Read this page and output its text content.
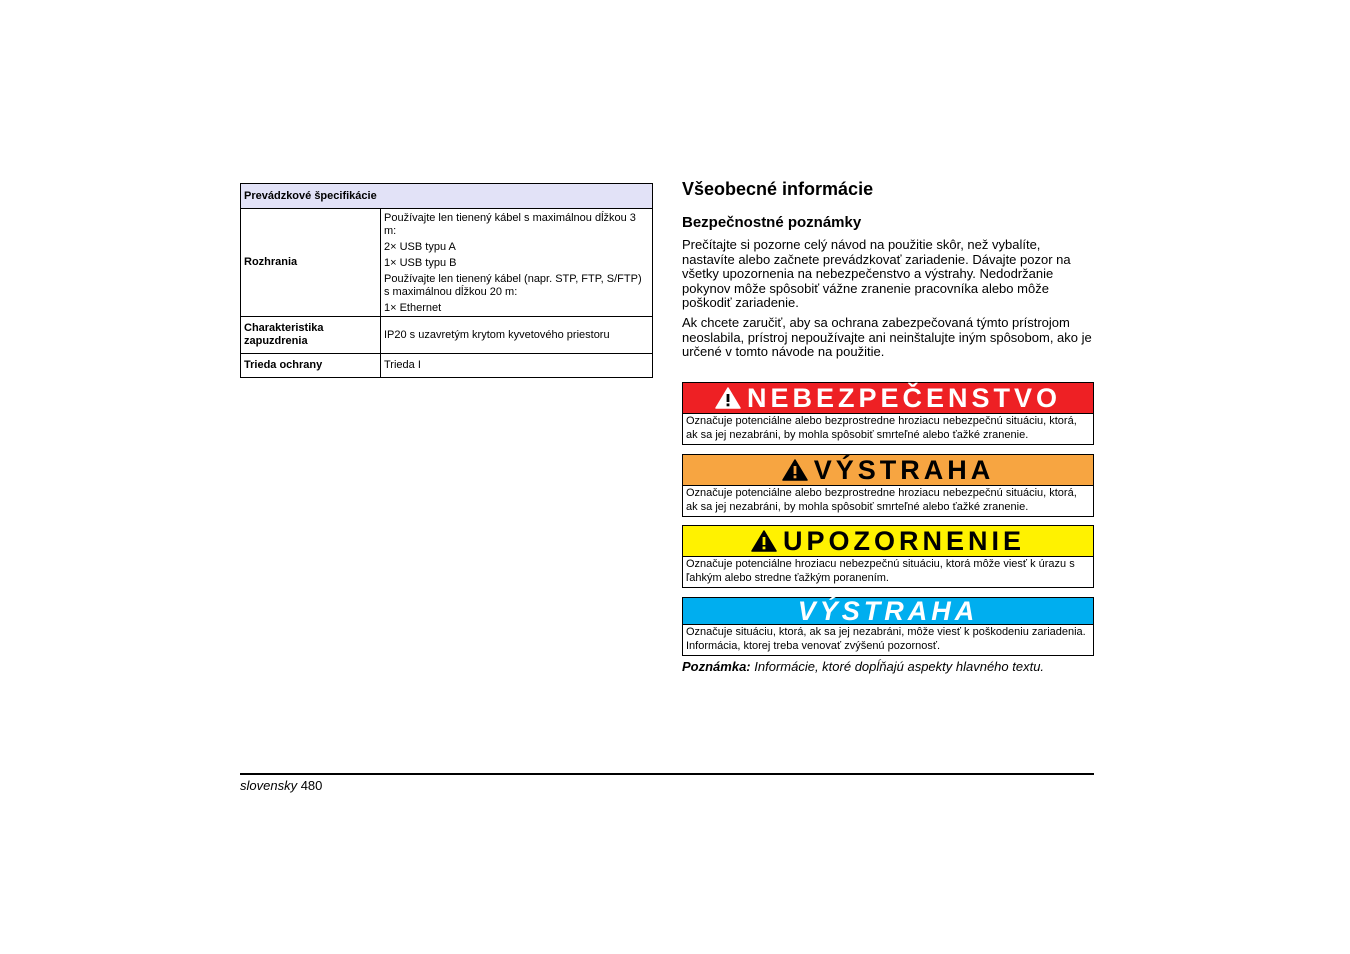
Prevádzkové špecifikácie	
Rozhrania	Používajte len tienený kábel s maximálnou dĺžkou 3 m:
2× USB typu A
1× USB typu B
Používajte len tienený kábel (napr. STP, FTP, S/FTP) s maximálnou dĺžkou 20 m:
1× Ethernet

Charakteristika zapuzdrenia	IP20 s uzavretým krytom kyvetového priestoru
Trieda ochrany	Trieda I
Všeobecné informácie
Bezpečnostné poznámky

Prečítajte si pozorne celý návod na použitie skôr, než vybalíte, nastavíte alebo začnete prevádzkovať zariadenie. Dávajte pozor na všetky upozornenia na nebezpečenstvo a výstrahy. Nedodržanie pokynov môže spôsobiť vážne zranenie pracovníka alebo môže poškodiť zariadenie.

Ak chcete zaručiť, aby sa ochrana zabezpečovaná týmto prístrojom neoslabila, prístroj nepoužívajte ani neinštalujte iným spôsobom, ako je určené v tomto návode na použitie.

NEBEZPEČENSTVO
Označuje potenciálne alebo bezprostredne hroziacu nebezpečnú situáciu, ktorá, ak sa jej nezabráni, by mohla spôsobiť smrteľné alebo ťažké zranenie.
VÝSTRAHA
Označuje potenciálne alebo bezprostredne hroziacu nebezpečnú situáciu, ktorá, ak sa jej nezabráni, by mohla spôsobiť smrteľné alebo ťažké zranenie.
UPOZORNENIE
Označuje potenciálne hroziacu nebezpečnú situáciu, ktorá môže viesť k úrazu s ľahkým alebo stredne ťažkým poranením.
VÝSTRAHA
Označuje situáciu, ktorá, ak sa jej nezabráni, môže viesť k poškodeniu zariadenia. Informácia, ktorej treba venovať zvýšenú pozornosť.
Poznámka: Informácie, ktoré dopĺňajú aspekty hlavného textu.
slovensky 480
